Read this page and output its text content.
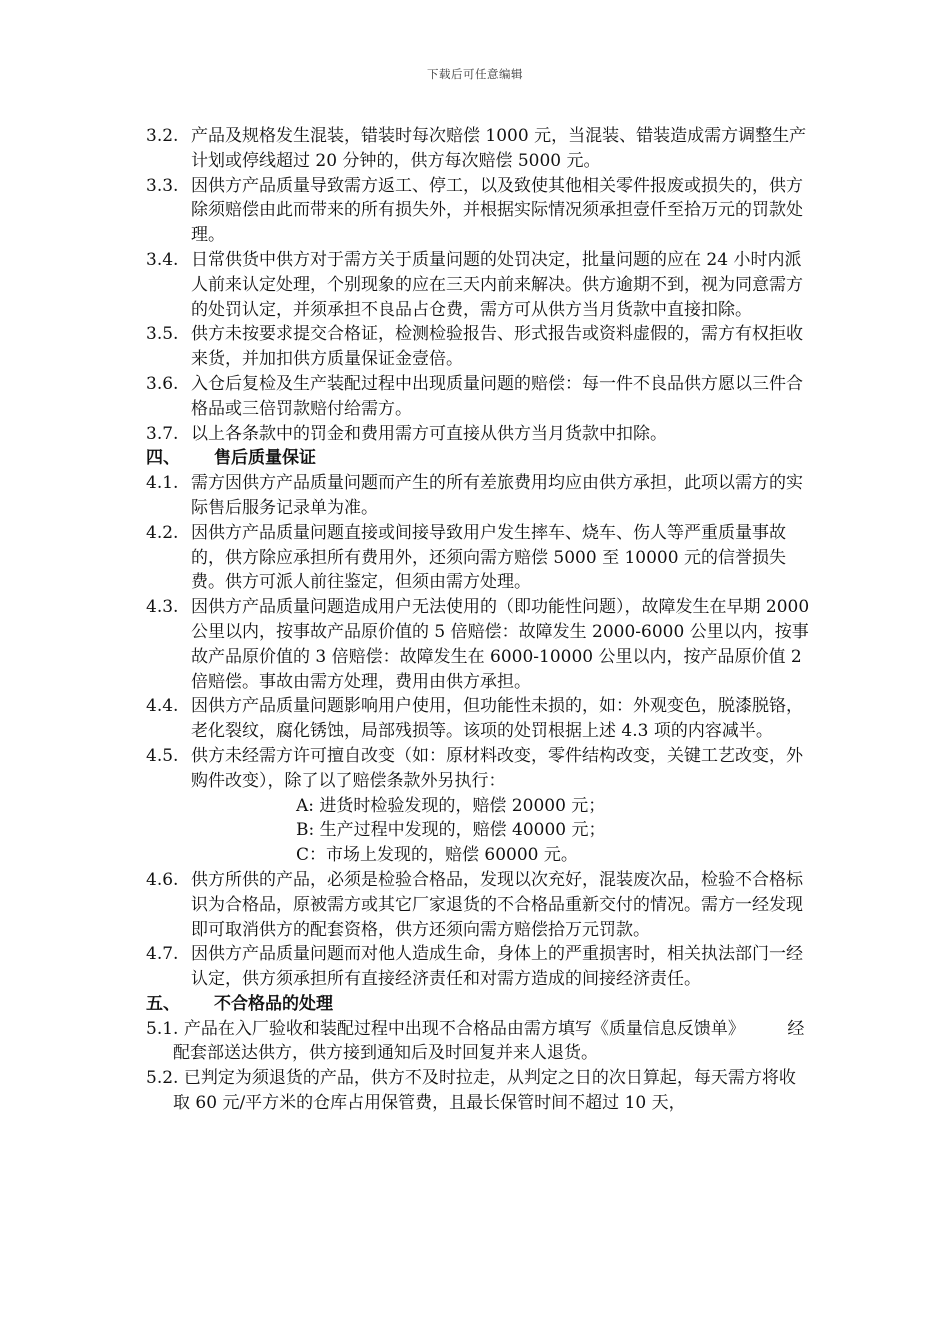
下载后可任意编辑
3.2. 产品及规格发生混装，错装时每次赔偿 1000 元，当混装、错装造成需方调整生产计划或停线超过 20 分钟的，供方每次赔偿 5000 元。
3.3. 因供方产品质量导致需方返工、停工，以及致使其他相关零件报废或损失的，供方除须赔偿由此而带来的所有损失外，并根据实际情况须承担壹仟至拾万元的罚款处理。
3.4. 日常供货中供方对于需方关于质量问题的处罚决定，批量问题的应在 24 小时内派人前来认定处理，个别现象的应在三天内前来解决。供方逾期不到，视为同意需方的处罚认定，并须承担不良品占仓费，需方可从供方当月货款中直接扣除。
3.5. 供方未按要求提交合格证，检测检验报告、形式报告或资料虚假的，需方有权拒收来货，并加扣供方质量保证金壹倍。
3.6. 入仓后复检及生产装配过程中出现质量问题的赔偿：每一件不良品供方愿以三件合格品或三倍罚款赔付给需方。
3.7. 以上各条款中的罚金和费用需方可直接从供方当月货款中扣除。
四、 售后质量保证
4.1. 需方因供方产品质量问题而产生的所有差旅费用均应由供方承担，此项以需方的实际售后服务记录单为准。
4.2. 因供方产品质量问题直接或间接导致用户发生摔车、烧车、伤人等严重质量事故的，供方除应承担所有费用外，还须向需方赔偿 5000 至 10000 元的信誉损失费。供方可派人前往鉴定，但须由需方处理。
4.3. 因供方产品质量问题造成用户无法使用的（即功能性问题），故障发生在早期 2000 公里以内，按事故产品原价值的 5 倍赔偿：故障发生 2000-6000 公里以内，按事故产品原价值的 3 倍赔偿：故障发生在 6000-10000 公里以内，按产品原价值 2 倍赔偿。事故由需方处理，费用由供方承担。
4.4. 因供方产品质量问题影响用户使用，但功能性未损的，如：外观变色，脱漆脱铬，老化裂纹，腐化锈蚀，局部残损等。该项的处罚根据上述 4.3 项的内容减半。
4.5. 供方未经需方许可擅自改变（如：原材料改变，零件结构改变，关键工艺改变，外购件改变），除了以了赔偿条款外另执行：
A: 进货时检验发现的，赔偿 20000 元；
B: 生产过程中发现的，赔偿 40000 元；
C：市场上发现的，赔偿 60000 元。
4.6. 供方所供的产品，必须是检验合格品，发现以次充好，混装废次品，检验不合格标识为合格品，原被需方或其它厂家退货的不合格品重新交付的情况。需方一经发现即可取消供方的配套资格，供方还须向需方赔偿拾万元罚款。
4.7. 因供方产品质量问题而对他人造成生命，身体上的严重损害时，相关执法部门一经认定，供方须承担所有直接经济责任和对需方造成的间接经济责任。
五、 不合格品的处理
5.1. 产品在入厂验收和装配过程中出现不合格品由需方填写《质量信息反馈单》　　　经配套部送达供方，供方接到通知后及时回复并来人退货。
5.2. 已判定为须退货的产品，供方不及时拉走，从判定之日的次日算起，每天需方将收取 60 元/平方米的仓库占用保管费，且最长保管时间不超过 10 天，
